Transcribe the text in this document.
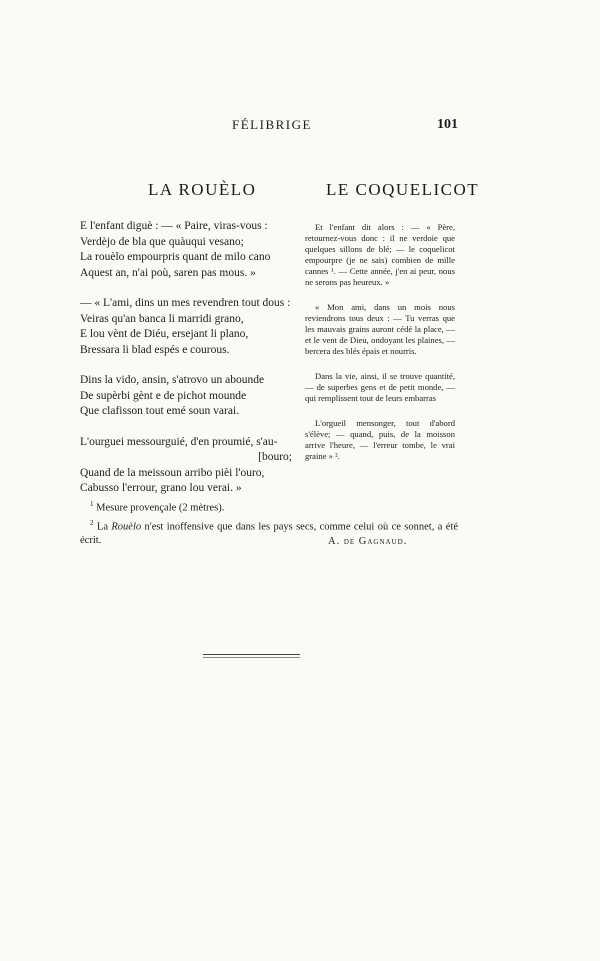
FÉLIBRIGE	101
LA ROUÈLO	LE COQUELICOT
E l'enfant diguè : — « Paire, viras-vous :
Verdèjo de bla que quàuqui vesano;
La rouèlo empourpris quant de milo cano
Aquest an, n'ai poù, saren pas mous. »
— « L'ami, dins un mes revendren tout dous :
Veiras qu'an banca li marridi grano,
E lou vènt de Diéu, ersejant li plano,
Bressara li blad espés e courous.
Dins la vido, ansin, s'atrovo un abounde
De supèrbi gènt e de pichot mounde
Que clafisson tout emé soun varai.
L'ourguei messourguié, d'en proumié, s'au-
[bouro;
Quand de la meissoun arribo pièi l'ouro,
Cabusso l'errour, grano lou verai. »

Et l'enfant dit alors : — « Père, retournez-vous donc : il ne verdoie que quelques sillons de blé; — le coquelicot empourpre (je ne sais) combien de mille cannes ¹. — Cette année, j'en ai peur, nous ne serons pas heureux. »

« Mon ami, dans un mois nous reviendrons tous deux : — Tu verras que les mauvais grains auront cédé la place, — et le vent de Dieu, ondoyant les plaines, — bercera des blés épais et nourris.

Dans la vie, ainsi, il se trouve quantité, — de superbes gens et de petit monde, — qui remplissent tout de leurs embarras

L'orgueil mensonger, tout d'abord s'élève; — quand, puis, de la moisson arrive l'heure, — l'erreur tombe, le vrai graine » ².

$^1$ Mesure provençale (2 mètres).
$^2$ La Rouèlo n'est inoffensive que dans les pays secs, comme celui où ce sonnet, a été écrit.	A. de Gagnaud.
